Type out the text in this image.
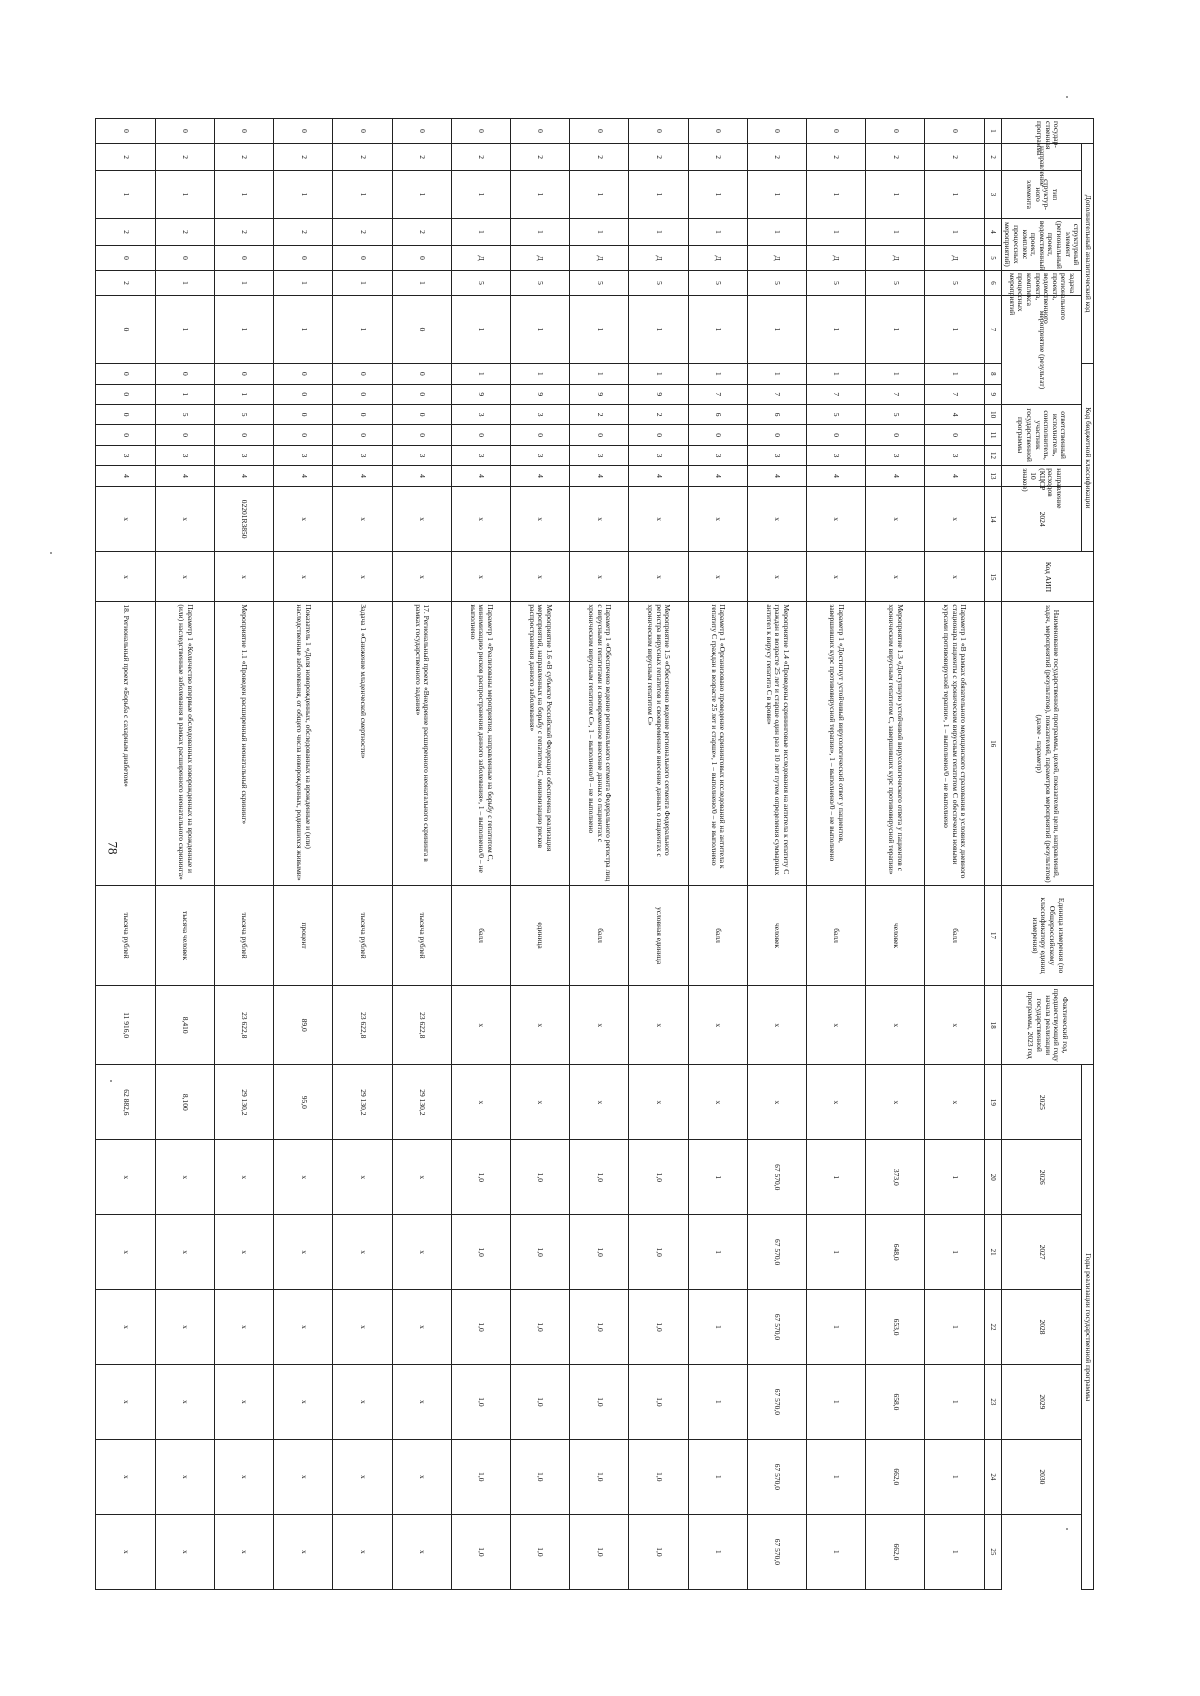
78
государ-ственная программа	Дополнительный аналитический код						Код бюджетной классификации							Код АИП	Наименование государственной программы, целей, показателей цели, направлений, задач, мероприятий (результатов), показателей, параметров мероприятий (результатов) (далее - параметр)	Единица измерения (по Общероссийскому классификатору единиц измерения)	Фактический год, предшествующий году начала реализации государственной программы, 2023 год	Годы реализации государственной программы						
	направление	тип структур-ного элемента	структурный элемент (региональный проект, ведомственный проект, комплекс процессных мероприятий)		задача регионального проекта, ведомственного проекта, комплекса процессных мероприятий	мероприятие (результат)			ответственный исполнитель, соисполнитель, участник государственной программы			направление расходов (КЦСР 10 знаков)	2024					2025	2026	2027	2028	2029	2030	

1	2	3	4	5	6	7	8	9	10	11	12	13	14	15	16	17	18	19	20	21	22	23	24	25
0	2	1	1	Д	5	1	1	7	4	0	3	4	х	х	Параметр 1 «В рамках обязательного медицинского страхования в условиях дневного стационара пациенты с хроническим вирусным гепатитом С обеспечены новыми курсами противовирусной терапии», 1 – выполнено/0 – не выполнено	балл	х	х	1	1	1	1	1	1
0	2	1	1	Д	5	1	1	7	5	0	3	4	х	х	Мероприятие 1.3 «Доступную устойчивой вирусологического ответа у пациентов с хроническим вирусным гепатитом С, завершивших курс противовирусной терапии»	человек	х	х	373,0	648,0	653,0	658,0	662,0	662,0
0	2	1	1	Д	5	1	1	7	5	0	3	4	х	х	Параметр 1 «Достигнут устойчивый вирусологический ответ у пациентов, завершивших курс противовирусной терапии», 1 – выполнено/0 – не выполнено	балл	х	х	1	1	1	1	1	1
0	2	1	1	Д	5	1	1	7	6	0	3	4	х	х	Мероприятие 1.4 «Проведены скрининговые исследования на антитела к гепатиту С граждан в возрасте 25 лет и старше один раз в 10 лет путем определения суммарных антител к вирусу гепатита С в крови»	человек	х	х	67 570,0	67 570,0	67 570,0	67 570,0	67 570,0	67 570,0
0	2	1	1	Д	5	1	1	7	6	0	3	4	х	х	Параметр 1 «Организовано проведение скрининговых исследований на антитела к гепатиту С граждан в возрасте 25 лет и старше», 1 – выполнено/0 – не выполнено	балл	х	х	1	1	1	1	1	1
0	2	1	1	Д	5	1	1	9	2	0	3	4	х	х	Мероприятие 1.5 «Обеспечено ведение регионального сегмента Федерального регистра вирусных гепатитов и своевременное внесение данных о пациентах с хроническим вирусным гепатитом С»	условная единица	х	х	1,0	1,0	1,0	1,0	1,0	1,0
0	2	1	1	Д	5	1	1	9	2	0	3	4	х	х	Параметр 1 «Обеспечено ведение регионального сегмента Федерального регистра лиц с вирусными гепатитами и своевременное внесение данных о пациентах с хроническим вирусным гепатитом С», 1 – выполнено/0 – не выполнено	балл	х	х	1,0	1,0	1,0	1,0	1,0	1,0
0	2	1	1	Д	5	1	1	9	3	0	3	4	х	х	Мероприятие 1.6 «В субъекте Российской Федерации обеспечена реализация мероприятий, направленных на борьбу с гепатитом С, минимизацию рисков распространения данного заболевания»	единица	х	х	1,0	1,0	1,0	1,0	1,0	1,0
0	2	1	1	Д	5	1	1	9	3	0	3	4	х	х	Параметр 1 «Реализованы мероприятия, направленные на борьбу с гепатитом С, минимизацию рисков распространения данного заболевания», 1 – выполнено/0 – не выполнено	балл	х	х	1,0	1,0	1,0	1,0	1,0	1,0
0	2	1	2	0	1	0	0	0	0	0	3	4	х	х	17. Региональный проект «Внедрение расширенного неонатального скрининга в рамках государственного задания»	тысяча рублей	23 622,8	29 130,2	х	х	х	х	х	х
0	2	1	2	0	1	1	0	0	0	0	3	4	х	х	Задача 1 «Снижение младенческой смертности»	тысяча рублей	23 622,8	29 130,2	х	х	х	х	х	х
0	2	1	2	0	1	1	0	0	0	0	3	4	х	х	Показатель 1 «Доля новорожденных, обследованных на врожденные и (или) наследственные заболевания, от общего числа новорожденных, родившихся живыми»	процент	89,0	95,0	х	х	х	х	х	х
0	2	1	2	0	1	1	0	1	5	0	3	4	02201R3850	х	Мероприятие 1.1 «Проведен расширенный неонатальный скрининг»	тысяча рублей	23 622,8	29 130,2	х	х	х	х	х	х
0	2	1	2	0	1	1	0	1	5	0	3	4	х	х	Параметр 1 «Количество впервые обследованных новорожденных на врожденные и (или) наследственные заболевания в рамках расширенного неонатального скрининга»	тысяча человек	8,410	8,100	х	х	х	х	х	х
0	2	1	2	0	2	0	0	0	0	0	3	4	х	х	18. Региональный проект «Борьба с сахарным диабетом»	тысяча рублей	11 916,0	62 882,6	х	х	х	х	х	х
